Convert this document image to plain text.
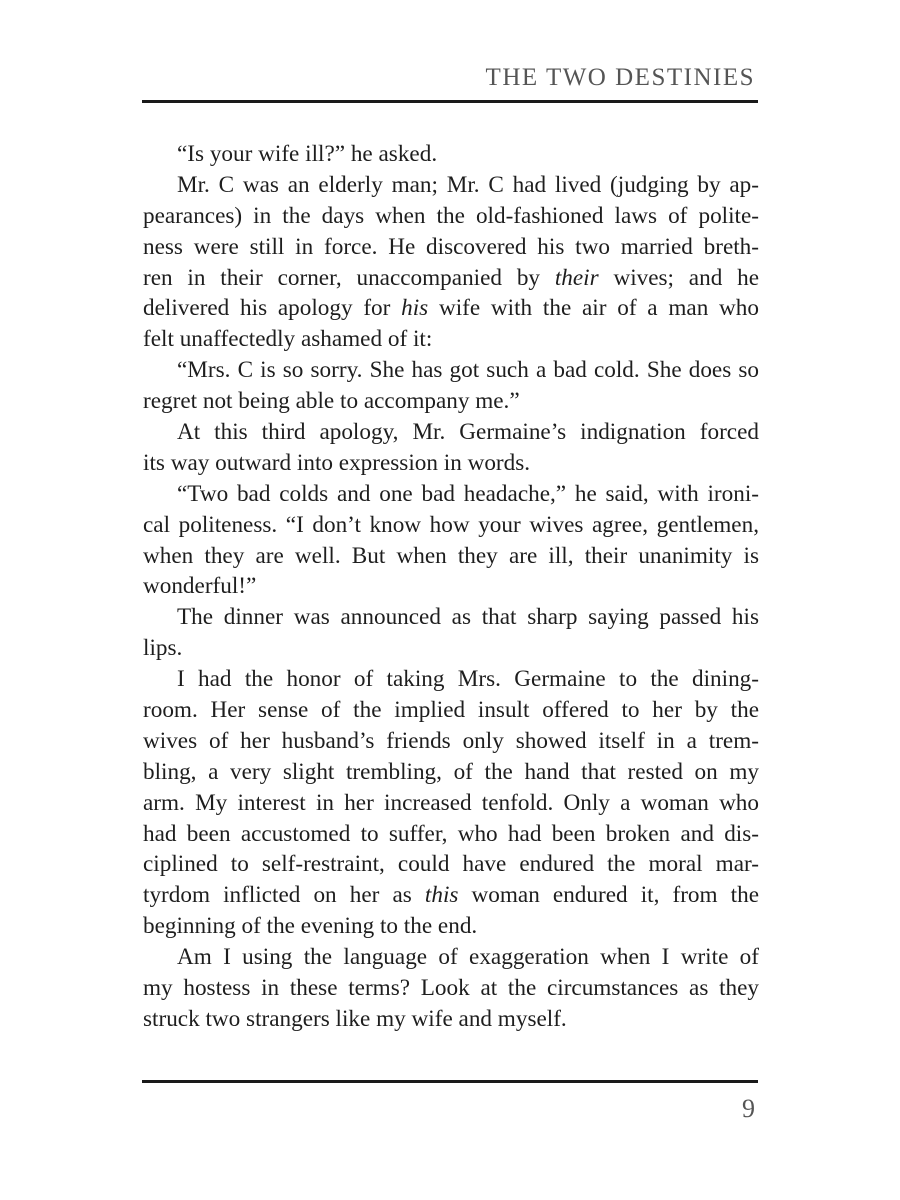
THE TWO DESTINIES
“Is your wife ill?” he asked.
Mr. C was an elderly man; Mr. C had lived (judging by ap-
pearances) in the days when the old-fashioned laws of polite-
ness were still in force. He discovered his two married breth-
ren in their corner, unaccompanied by their wives; and he
delivered his apology for his wife with the air of a man who
felt unaffectedly ashamed of it:
“Mrs. C is so sorry. She has got such a bad cold. She does so
regret not being able to accompany me.”
At this third apology, Mr. Germaine’s indignation forced
its way outward into expression in words.
“Two bad colds and one bad headache,” he said, with ironi-
cal politeness. “I don’t know how your wives agree, gentlemen,
when they are well. But when they are ill, their unanimity is
wonderful!”
The dinner was announced as that sharp saying passed his
lips.
I had the honor of taking Mrs. Germaine to the dining-
room. Her sense of the implied insult offered to her by the
wives of her husband’s friends only showed itself in a trem-
bling, a very slight trembling, of the hand that rested on my
arm. My interest in her increased tenfold. Only a woman who
had been accustomed to suffer, who had been broken and dis-
ciplined to self-restraint, could have endured the moral mar-
tyrdom inflicted on her as this woman endured it, from the
beginning of the evening to the end.
Am I using the language of exaggeration when I write of
my hostess in these terms? Look at the circumstances as they
struck two strangers like my wife and myself.
9
